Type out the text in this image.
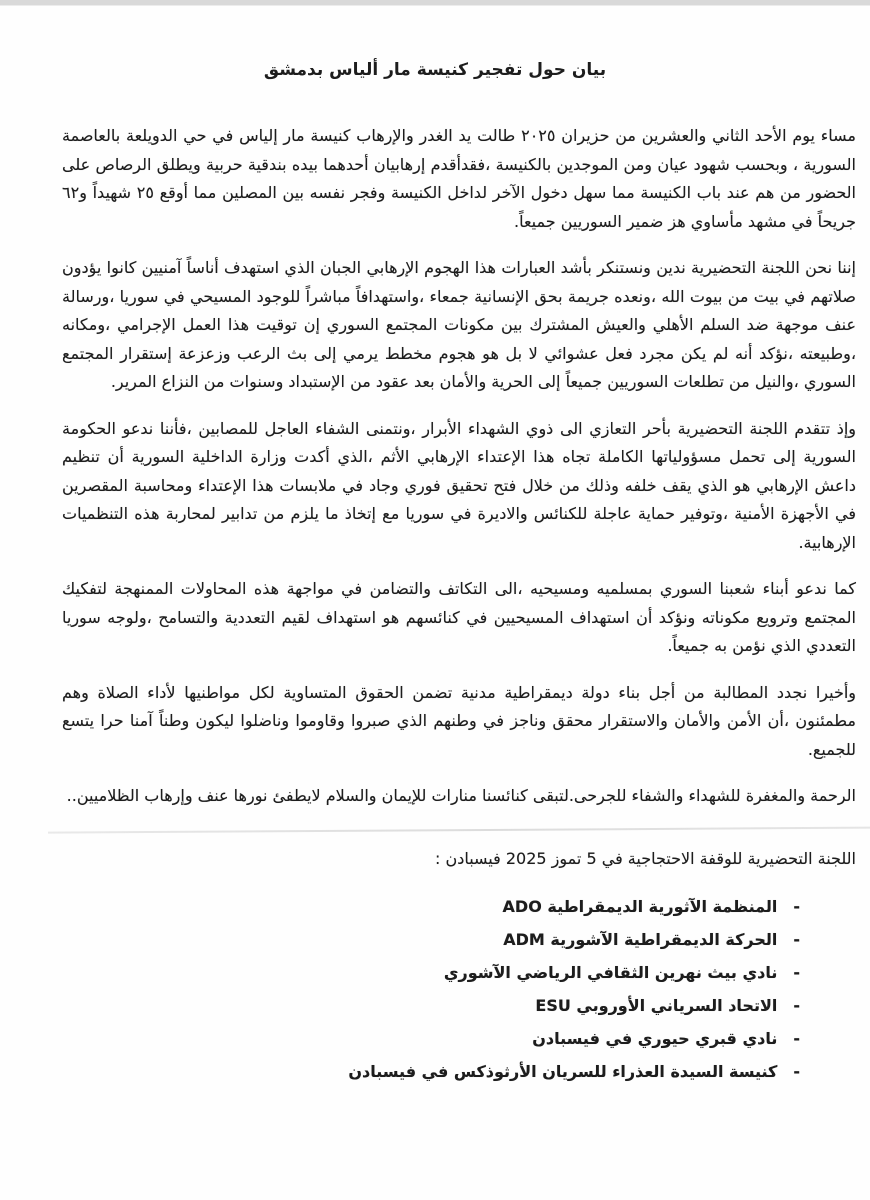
بيان حول تفجير كنيسة مار ألياس بدمشق

مساء يوم الأحد الثاني والعشرين من حزيران ٢٠٢٥ طالت يد الغدر والإرهاب كنيسة مار إلياس في حي الدويلعة بالعاصمة السورية ، وبحسب شهود عيان ومن الموجدين بالكنيسة ،فقدأقدم إرهابيان أحدهما بيده بندقية حربية ويطلق الرصاص على الحضور من هم عند باب الكنيسة مما سهل دخول الآخر لداخل الكنيسة وفجر نفسه بين المصلين مما أوقع ٢٥ شهيداً و٦٢ جريحاً في مشهد مأساوي هز ضمير السوريين جميعاً.

إننا نحن اللجنة التحضيرية ندين ونستنكر بأشد العبارات هذا الهجوم الإرهابي الجبان الذي استهدف أناساً آمنيين كانوا يؤدون صلاتهم في بيت من بيوت الله ،ونعده جريمة بحق الإنسانية جمعاء ،واستهدافاً مباشراً للوجود المسيحي في سوريا ،ورسالة عنف موجهة ضد السلم الأهلي والعيش المشترك بين مكونات المجتمع السوري إن توقيت هذا العمل الإجرامي ،ومكانه ،وطبيعته ،نؤكد أنه لم يكن مجرد فعل عشوائي لا بل هو هجوم مخطط يرمي إلى بث الرعب وزعزعة إستقرار المجتمع السوري ،والنيل من تطلعات السوريين جميعاً إلى الحرية والأمان بعد عقود من الإستبداد وسنوات من النزاع المرير.

وإذ تتقدم اللجنة التحضيرية بأحر التعازي الى ذوي الشهداء الأبرار ،ونتمنى الشفاء العاجل للمصابين ،فأننا ندعو الحكومة السورية إلى تحمل مسؤولياتها الكاملة تجاه هذا الإعتداء الإرهابي الأثم ،الذي أكدت وزارة الداخلية السورية أن تنظيم داعش الإرهابي هو الذي يقف خلفه وذلك من خلال فتح تحقيق فوري وجاد في ملابسات هذا الإعتداء ومحاسبة المقصرين في الأجهزة الأمنية ،وتوفير حماية عاجلة للكنائس والاديرة في سوريا مع إتخاذ ما يلزم من تدابير لمحاربة هذه التنظميات الإرهابية.

كما ندعو أبناء شعبنا السوري بمسلميه ومسيحيه ،الى التكاتف والتضامن في مواجهة هذه المحاولات الممنهجة لتفكيك المجتمع وترويع مكوناته ونؤكد أن استهداف المسيحيين في كنائسهم هو استهداف لقيم التعددية والتسامح ،ولوجه سوريا التعددي الذي نؤمن به جميعاً.

وأخيرا نجدد المطالبة من أجل بناء دولة ديمقراطية مدنية تضمن الحقوق المتساوية لكل مواطنيها لأداء الصلاة وهم مطمئنون ،أن الأمن والأمان والاستقرار محقق وناجز في وطنهم الذي صبروا وقاوموا وناضلوا ليكون وطناً آمنا حرا يتسع للجميع.

الرحمة والمغفرة للشهداء والشفاء للجرحى.لتبقى كنائسنا منارات للإيمان والسلام لايطفئ نورها عنف وإرهاب الظلاميين..

اللجنة التحضيرية للوقفة الاحتجاجية في 5 تموز 2025 فيسبادن :

-
المنظمة الآثورية الديمقراطية ADO
-
الحركة الديمقراطية الآشورية ADM
-
نادي بيث نهرين الثقافي الرياضي الآشوري
-
الاتحاد السرياني الأوروبي ESU
-
نادي قبري حيوري في فيسبادن
-
كنيسة السيدة العذراء للسريان الأرثوذكس في فيسبادن
